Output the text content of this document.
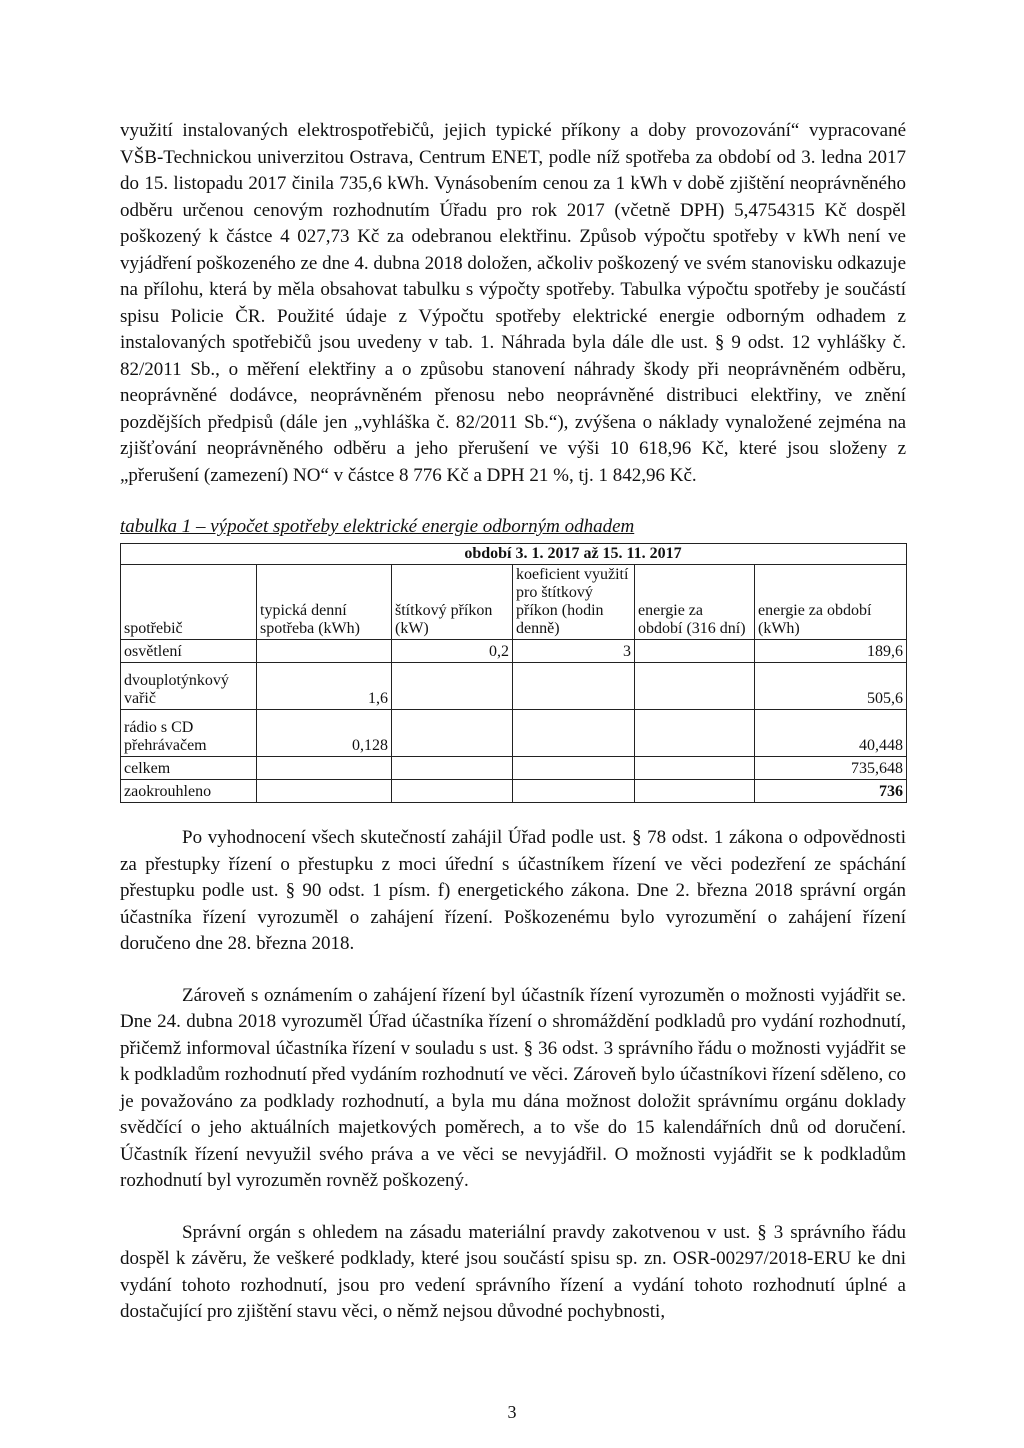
využití instalovaných elektrospotřebičů, jejich typické příkony a doby provozování“ vypracované VŠB-Technickou univerzitou Ostrava, Centrum ENET, podle níž spotřeba za období od 3. ledna 2017 do 15. listopadu 2017 činila 735,6 kWh. Vynásobením cenou za 1 kWh v době zjištění neoprávněného odběru určenou cenovým rozhodnutím Úřadu pro rok 2017 (včetně DPH) 5,4754315 Kč dospěl poškozený k částce 4 027,73 Kč za odebranou elektřinu. Způsob výpočtu spotřeby v kWh není ve vyjádření poškozeného ze dne 4. dubna 2018 doložen, ačkoliv poškozený ve svém stanovisku odkazuje na přílohu, která by měla obsahovat tabulku s výpočty spotřeby. Tabulka výpočtu spotřeby je součástí spisu Policie ČR. Použité údaje z Výpočtu spotřeby elektrické energie odborným odhadem z instalovaných spotřebičů jsou uvedeny v tab. 1. Náhrada byla dále dle ust. § 9 odst. 12 vyhlášky č. 82/2011 Sb., o měření elektřiny a o způsobu stanovení náhrady škody při neoprávněném odběru, neoprávněné dodávce, neoprávněném přenosu nebo neoprávněné distribuci elektřiny, ve znění pozdějších předpisů (dále jen „vyhláška č. 82/2011 Sb.“), zvýšena o náklady vynaložené zejména na zjišťování neoprávněného odběru a jeho přerušení ve výši 10 618,96 Kč, které jsou složeny z „přerušení (zamezení) NO“ v částce 8 776 Kč a DPH 21 %, tj. 1 842,96 Kč.

tabulka 1 – výpočet spotřeby elektrické energie odborným odhadem
		období 3. 1. 2017 až 15. 11. 2017			
spotřebič	typická denní spotřeba (kWh)	štítkový příkon (kW)	koeficient využití pro štítkový příkon (hodin denně)	energie za období (316 dní)	energie za období (kWh)
osvětlení		0,2	3		189,6
dvouplotýnkový vařič	1,6				505,6
rádio s CD přehrávačem	0,128				40,448
celkem					735,648
zaokrouhleno					736

Po vyhodnocení všech skutečností zahájil Úřad podle ust. § 78 odst. 1 zákona o odpovědnosti za přestupky řízení o přestupku z moci úřední s účastníkem řízení ve věci podezření ze spáchání přestupku podle ust. § 90 odst. 1 písm. f) energetického zákona. Dne 2. března 2018 správní orgán účastníka řízení vyrozuměl o zahájení řízení. Poškozenému bylo vyrozumění o zahájení řízení doručeno dne 28. března 2018.

Zároveň s oznámením o zahájení řízení byl účastník řízení vyrozuměn o možnosti vyjádřit se. Dne 24. dubna 2018 vyrozuměl Úřad účastníka řízení o shromáždění podkladů pro vydání rozhodnutí, přičemž informoval účastníka řízení v souladu s ust. § 36 odst. 3 správního řádu o možnosti vyjádřit se k podkladům rozhodnutí před vydáním rozhodnutí ve věci. Zároveň bylo účastníkovi řízení sděleno, co je považováno za podklady rozhodnutí, a byla mu dána možnost doložit správnímu orgánu doklady svědčící o jeho aktuálních majetkových poměrech, a to vše do 15 kalendářních dnů od doručení. Účastník řízení nevyužil svého práva a ve věci se nevyjádřil. O možnosti vyjádřit se k podkladům rozhodnutí byl vyrozuměn rovněž poškozený.

Správní orgán s ohledem na zásadu materiální pravdy zakotvenou v ust. § 3 správního řádu dospěl k závěru, že veškeré podklady, které jsou součástí spisu sp. zn. OSR-00297/2018-ERU ke dni vydání tohoto rozhodnutí, jsou pro vedení správního řízení a vydání tohoto rozhodnutí úplné a dostačující pro zjištění stavu věci, o němž nejsou důvodné pochybnosti,

3
